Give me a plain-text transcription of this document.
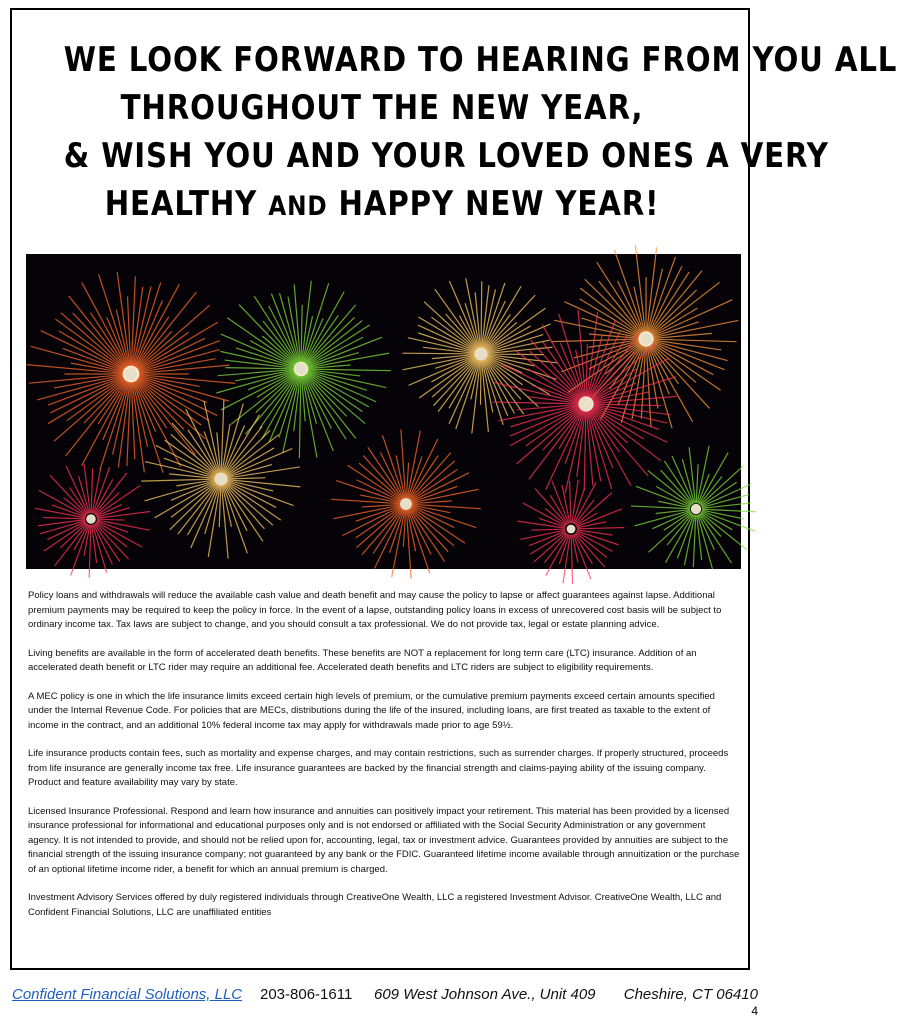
WE LOOK FORWARD TO HEARING FROM YOU ALL
THROUGHOUT THE NEW YEAR,
& WISH YOU AND YOUR LOVED ONES A VERY
HEALTHY AND HAPPY NEW YEAR!

Policy loans and withdrawals will reduce the available cash value and death benefit and may cause the policy to lapse or affect guarantees against lapse. Additional premium payments may be required to keep the policy in force. In the event of a lapse, outstanding policy loans in excess of unrecovered cost basis will be subject to ordinary income tax. Tax laws are subject to change, and you should consult a tax professional. We do not provide tax, legal or estate planning advice.

Living benefits are available in the form of accelerated death benefits. These benefits are NOT a replacement for long term care (LTC) insurance. Addition of an accelerated death benefit or LTC rider may require an additional fee. Accelerated death benefits and LTC riders are subject to eligibility requirements.

A MEC policy is one in which the life insurance limits exceed certain high levels of premium, or the cumulative premium payments exceed certain amounts specified under the Internal Revenue Code. For policies that are MECs, distributions during the life of the insured, including loans, are first treated as taxable to the extent of income in the contract, and an additional 10% federal income tax may apply for withdrawals made prior to age 59½.

Life insurance products contain fees, such as mortality and expense charges, and may contain restrictions, such as surrender charges. If properly structured, proceeds from life insurance are generally income tax free. Life insurance guarantees are backed by the financial strength and claims-paying ability of the issuing company. Product and feature availability may vary by state.

Licensed Insurance Professional. Respond and learn how insurance and annuities can positively impact your retirement. This material has been provided by a licensed insurance professional for informational and educational purposes only and is not endorsed or affiliated with the Social Security Administration or any government agency. It is not intended to provide, and should not be relied upon for, accounting, legal, tax or investment advice. Guarantees provided by annuities are subject to the financial strength of the issuing insurance company; not guaranteed by any bank or the FDIC. Guaranteed lifetime income available through annuitization or the purchase of an optional lifetime income rider, a benefit for which an annual premium is charged.

Investment Advisory Services offered by duly registered individuals through CreativeOne Wealth, LLC a registered Investment Advisor. CreativeOne Wealth, LLC and Confident Financial Solutions, LLC are unaffiliated entities

Confident Financial Solutions, LLC 203-806-1611 609 West Johnson Ave., Unit 409 Cheshire, CT 06410
4
